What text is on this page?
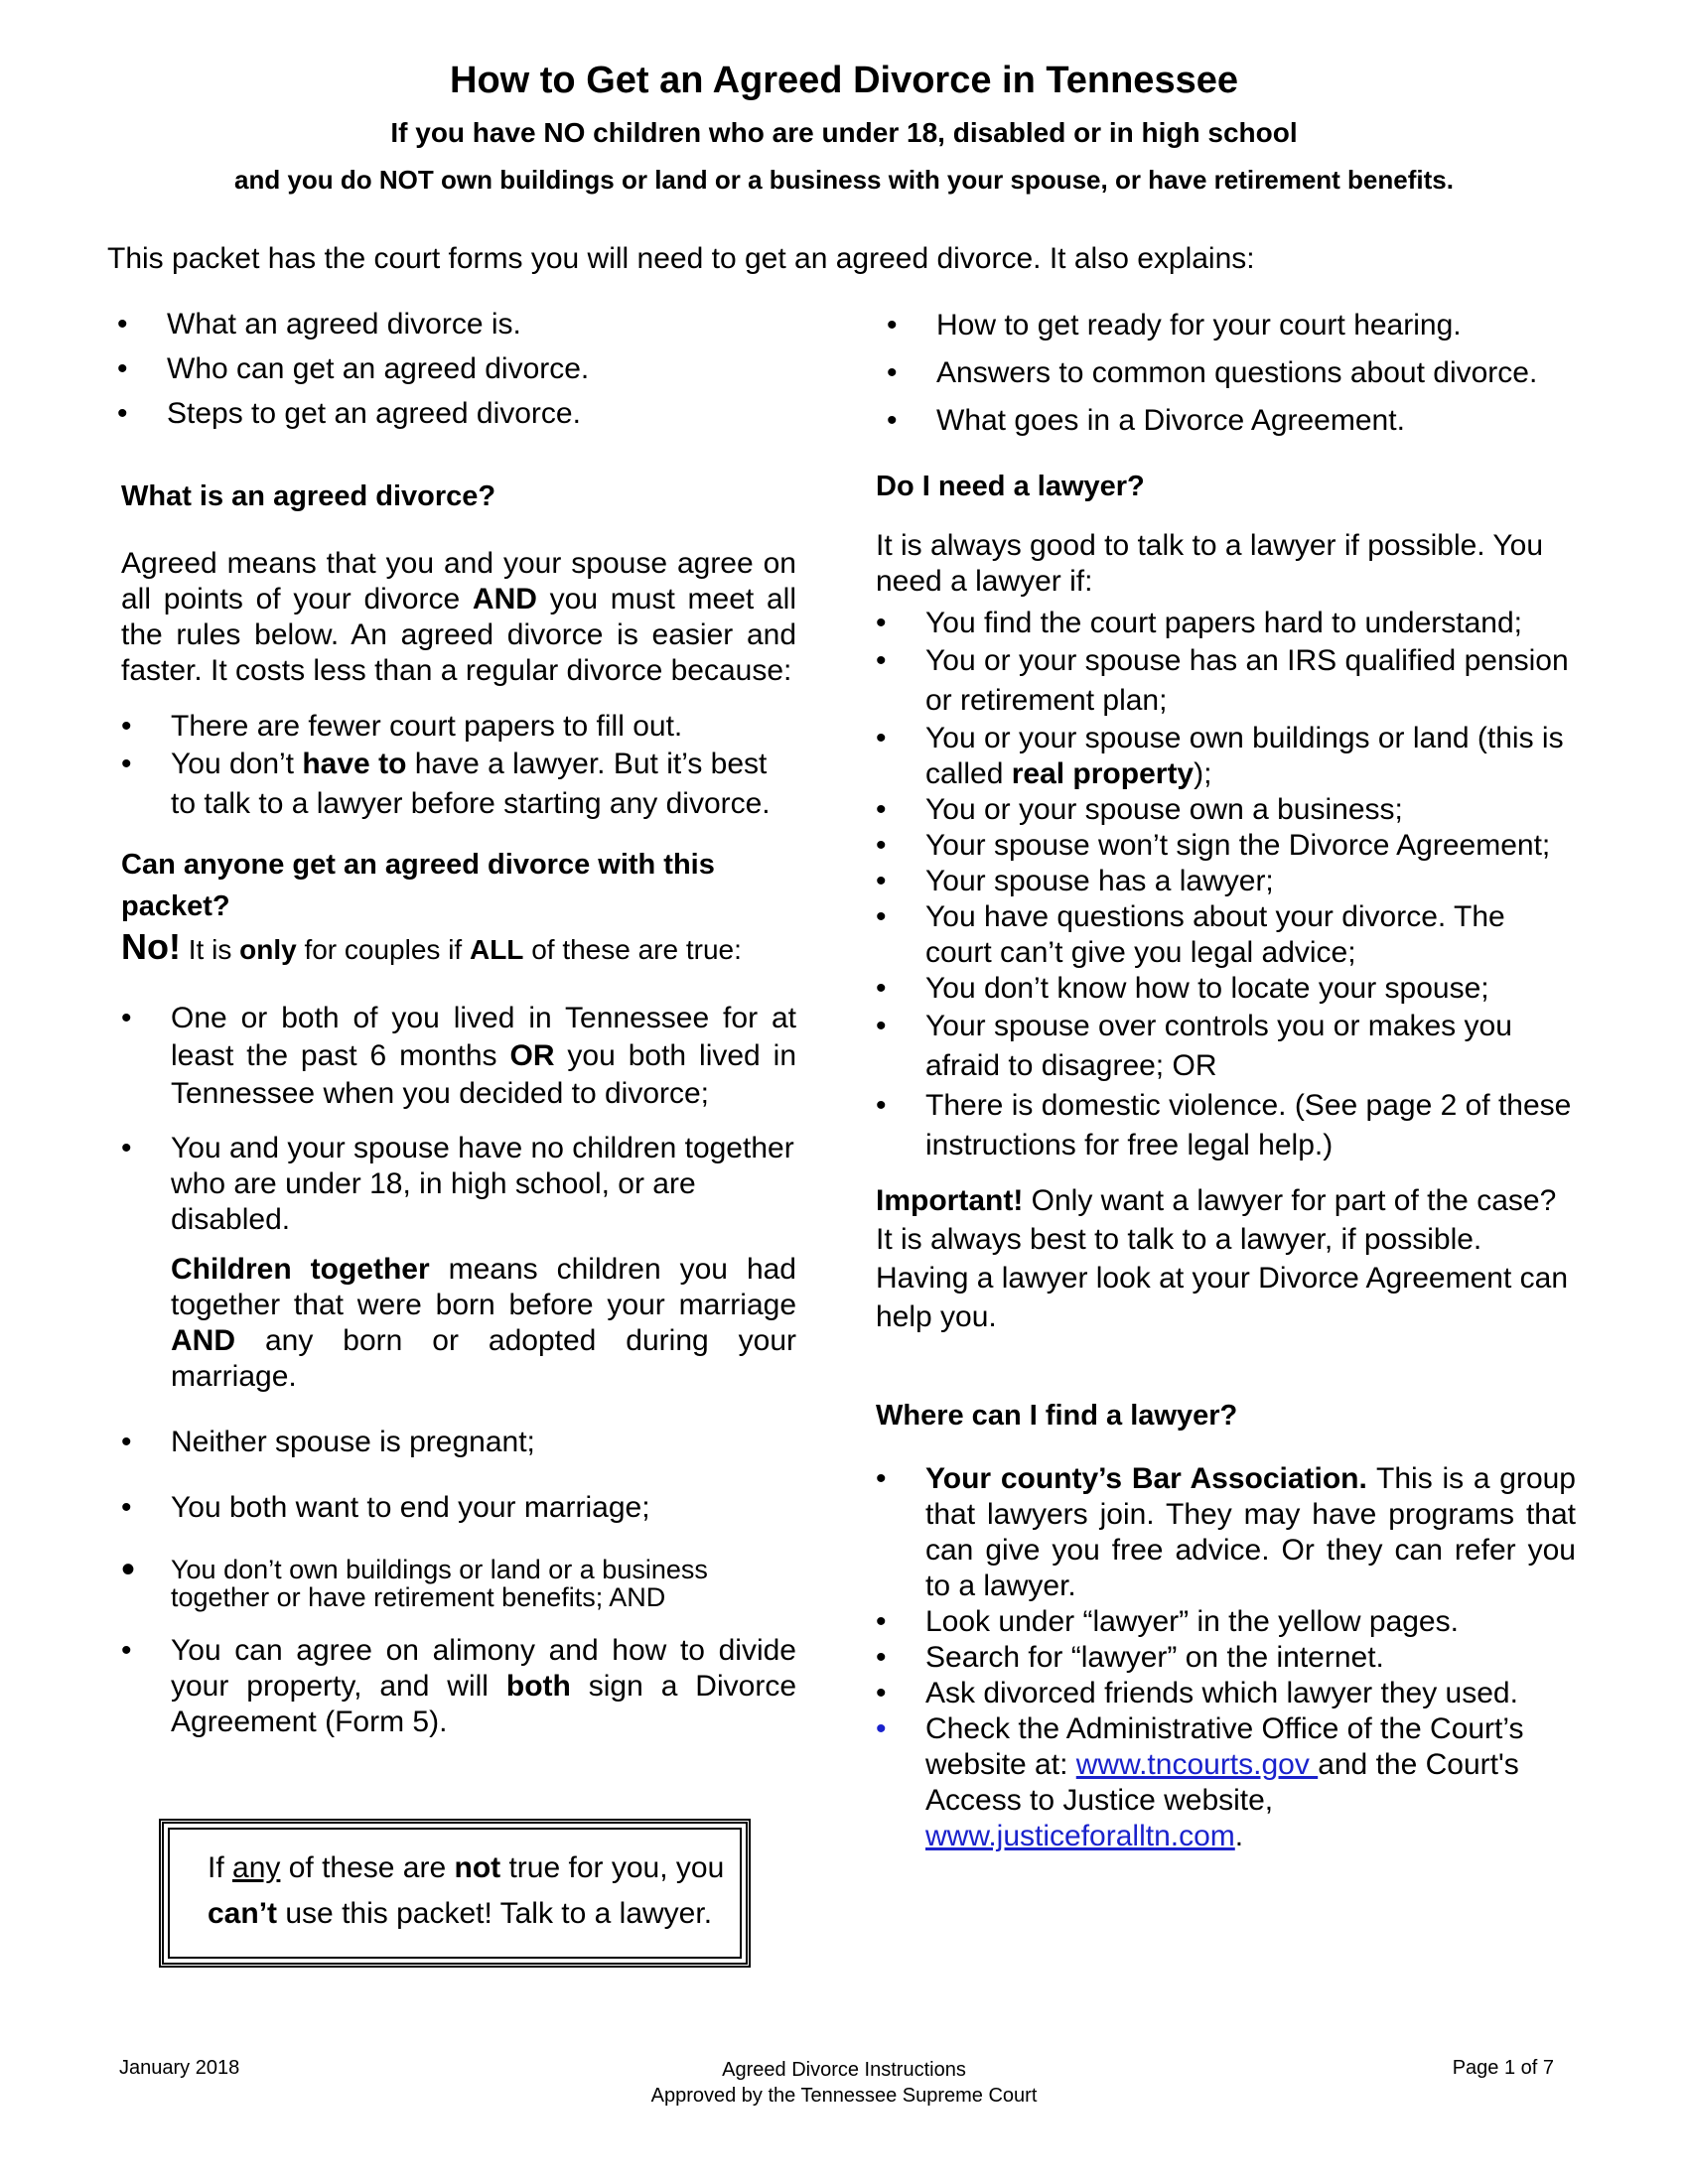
How to Get an Agreed Divorce in Tennessee
If you have NO children who are under 18, disabled or in high school
and you do NOT own buildings or land or a business with your spouse, or have retirement benefits.
This packet has the court forms you will need to get an agreed divorce. It also explains:
• What an agreed divorce is.
• Who can get an agreed divorce.
• Steps to get an agreed divorce.
• How to get ready for your court hearing.
• Answers to common questions about divorce.
• What goes in a Divorce Agreement.
What is an agreed divorce?
Agreed means that you and your spouse agree on all points of your divorce AND you must meet all the rules below. An agreed divorce is easier and faster. It costs less than a regular divorce because:
• There are fewer court papers to fill out.
• You don’t have to have a lawyer. But it’s best to talk to a lawyer before starting any divorce.
Can anyone get an agreed divorce with this packet?
No! It is only for couples if ALL of these are true:
• One or both of you lived in Tennessee for at least the past 6 months OR you both lived in Tennessee when you decided to divorce;
• You and your spouse have no children together who are under 18, in high school, or are disabled.
Children together means children you had together that were born before your marriage AND any born or adopted during your marriage.
• Neither spouse is pregnant;
• You both want to end your marriage;
• You don’t own buildings or land or a business together or have retirement benefits; AND
• You can agree on alimony and how to divide your property, and will both sign a Divorce Agreement (Form 5).
If any of these are not true for you, you
can’t use this packet! Talk to a lawyer.
Do I need a lawyer?
It is always good to talk to a lawyer if possible. You need a lawyer if:
• You find the court papers hard to understand;
• You or your spouse has an IRS qualified pension or retirement plan;
• You or your spouse own buildings or land (this is called real property);
• You or your spouse own a business;
• Your spouse won’t sign the Divorce Agreement;
• Your spouse has a lawyer;
• You have questions about your divorce. The court can’t give you legal advice;
• You don’t know how to locate your spouse;
• Your spouse over controls you or makes you afraid to disagree; OR
• There is domestic violence. (See page 2 of these instructions for free legal help.)
Important! Only want a lawyer for part of the case? It is always best to talk to a lawyer, if possible. Having a lawyer look at your Divorce Agreement can help you.
Where can I find a lawyer?
• Your county’s Bar Association. This is a group that lawyers join. They may have programs that can give you free advice. Or they can refer you to a lawyer.
• Look under “lawyer” in the yellow pages.
• Search for “lawyer” on the internet.
• Ask divorced friends which lawyer they used.
• Check the Administrative Office of the Court’s website at: www.tncourts.gov and the Court's Access to Justice website, www.justiceforalltn.com.
January 2018	Agreed Divorce Instructions
Approved by the Tennessee Supreme Court
Page 1 of 7
